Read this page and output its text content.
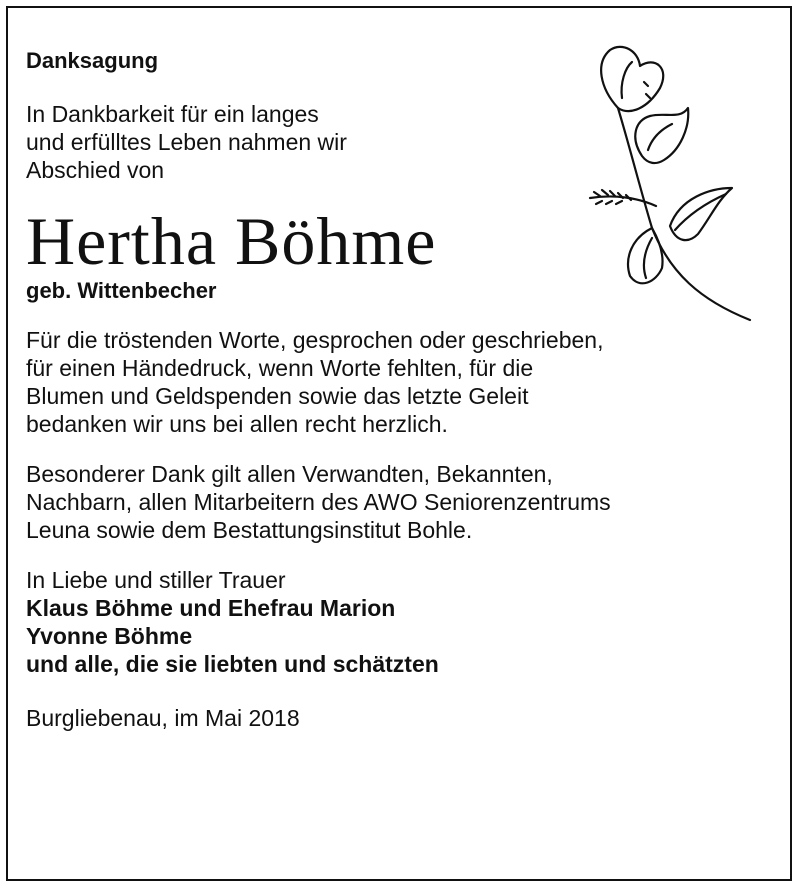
Danksagung
In Dankbarkeit für ein langes
und erfülltes Leben nahmen wir
Abschied von
Hertha Böhme
geb. Wittenbecher
Für die tröstenden Worte, gesprochen oder geschrieben,
für einen Händedruck, wenn Worte fehlten, für die
Blumen und Geldspenden sowie das letzte Geleit
bedanken wir uns bei allen recht herzlich.
Besonderer Dank gilt allen Verwandten, Bekannten,
Nachbarn, allen Mitarbeitern des AWO Seniorenzentrums
Leuna sowie dem Bestattungsinstitut Bohle.
In Liebe und stiller Trauer
Klaus Böhme und Ehefrau Marion
Yvonne Böhme
und alle, die sie liebten und schätzten
Burgliebenau, im Mai 2018
